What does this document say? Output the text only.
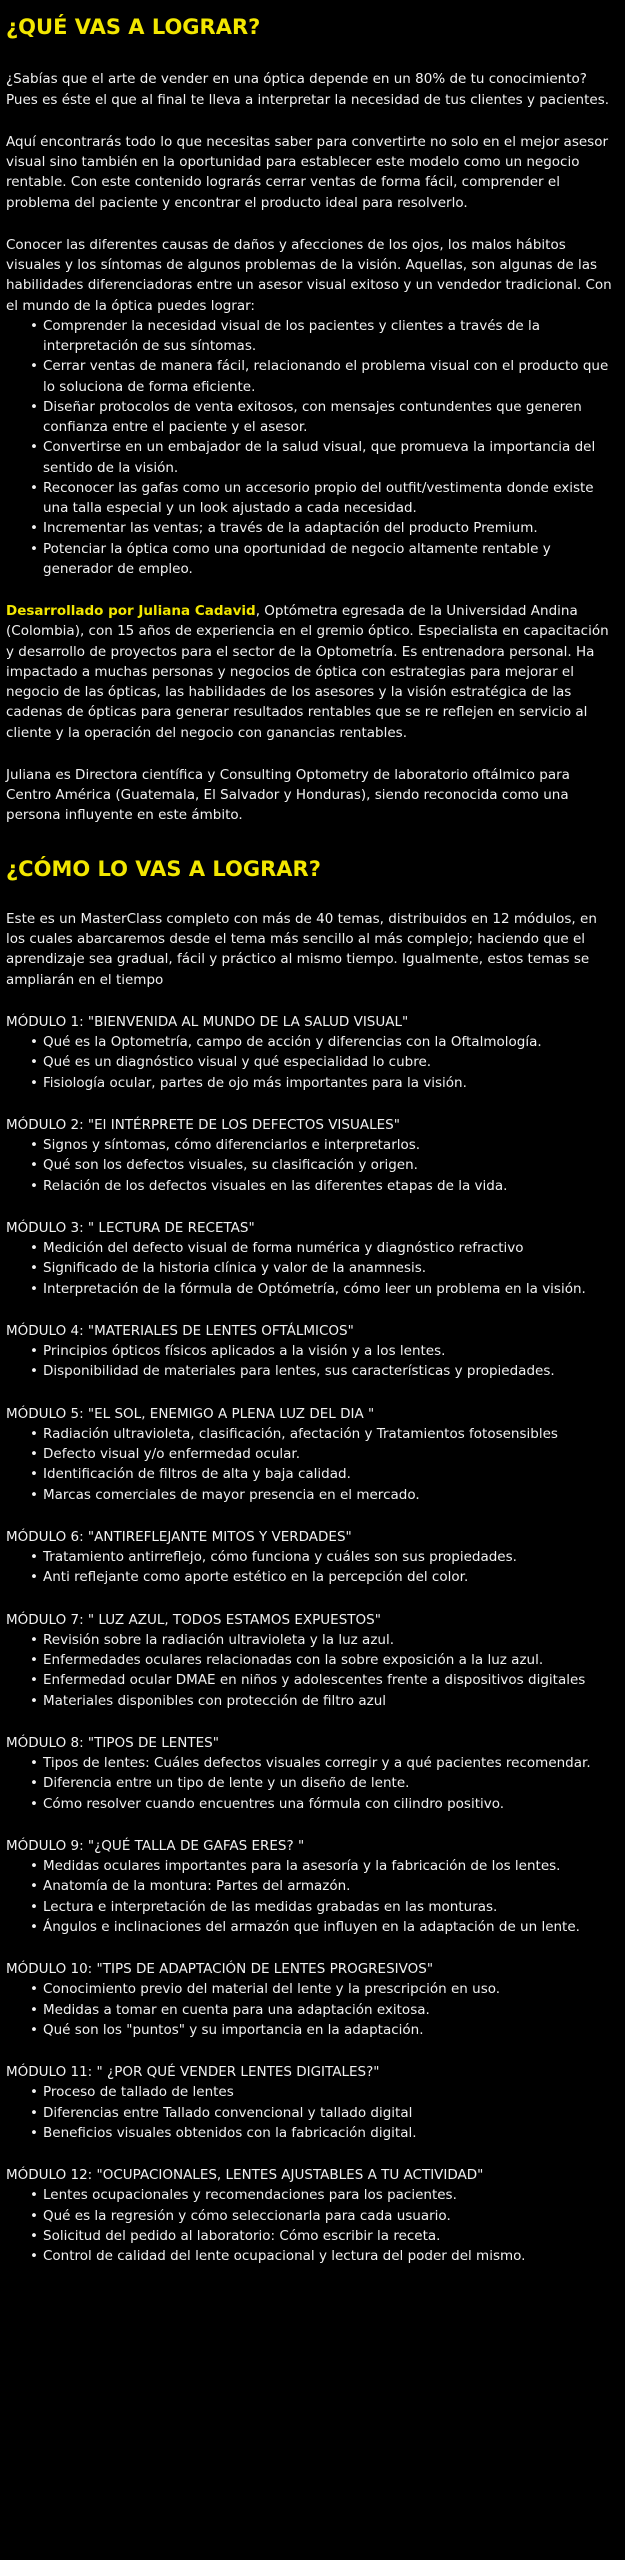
¿QUÉ VAS A LOGRAR?

¿Sabías que el arte de vender en una óptica depende en un 80% de tu conocimiento? Pues es éste el que al final te lleva a interpretar la necesidad de tus clientes y pacientes.

Aquí encontrarás todo lo que necesitas saber para convertirte no solo en el mejor asesor visual sino también en la oportunidad para establecer este modelo como un negocio rentable. Con este contenido lograrás cerrar ventas de forma fácil, comprender el problema del paciente y encontrar el producto ideal para resolverlo.

Conocer las diferentes causas de daños y afecciones de los ojos, los malos hábitos visuales y los síntomas de algunos problemas de la visión. Aquellas, son algunas de las habilidades diferenciadoras entre un asesor visual exitoso y un vendedor tradicional. Con el mundo de la óptica puedes lograr:

• Comprender la necesidad visual de los pacientes y clientes a través de la interpretación de sus síntomas.
• Cerrar ventas de manera fácil, relacionando el problema visual con el producto que lo soluciona de forma eficiente.
• Diseñar protocolos de venta exitosos, con mensajes contundentes que generen confianza entre el paciente y el asesor.
• Convertirse en un embajador de la salud visual, que promueva la importancia del sentido de la visión.
• Reconocer las gafas como un accesorio propio del outfit/vestimenta donde existe una talla especial y un look ajustado a cada necesidad.
• Incrementar las ventas; a través de la adaptación del producto Premium.
• Potenciar la óptica como una oportunidad de negocio altamente rentable y generador de empleo.

Desarrollado por Juliana Cadavid, Optómetra egresada de la Universidad Andina (Colombia), con 15 años de experiencia en el gremio óptico. Especialista en capacitación y desarrollo de proyectos para el sector de la Optometría. Es entrenadora personal. Ha impactado a muchas personas y negocios de óptica con estrategias para mejorar el negocio de las ópticas, las habilidades de los asesores y la visión estratégica de las cadenas de ópticas para generar resultados rentables que se re reflejen en servicio al cliente y la operación del negocio con ganancias rentables.

Juliana es Directora científica y Consulting Optometry de laboratorio oftálmico para Centro América (Guatemala, El Salvador y Honduras), siendo reconocida como una persona influyente en este ámbito.

¿CÓMO LO VAS A LOGRAR?

Este es un MasterClass completo con más de 40 temas, distribuidos en 12 módulos, en los cuales abarcaremos desde el tema más sencillo al más complejo; haciendo que el aprendizaje sea gradual, fácil y práctico al mismo tiempo. Igualmente, estos temas se ampliarán en el tiempo

MÓDULO 1: "BIENVENIDA AL MUNDO DE LA SALUD VISUAL"
• Qué es la Optometría, campo de acción y diferencias con la Oftalmología.
• Qué es un diagnóstico visual y qué especialidad lo cubre.
• Fisiología ocular, partes de ojo más importantes para la visión.
MÓDULO 2: "El INTÉRPRETE DE LOS DEFECTOS VISUALES"
• Signos y síntomas, cómo diferenciarlos e interpretarlos.
• Qué son los defectos visuales, su clasificación y origen.
• Relación de los defectos visuales en las diferentes etapas de la vida.
MÓDULO 3: " LECTURA DE RECETAS"
• Medición del defecto visual de forma numérica y diagnóstico refractivo
• Significado de la historia clínica y valor de la anamnesis.
• Interpretación de la fórmula de Optómetría, cómo leer un problema en la visión.
MÓDULO 4: "MATERIALES DE LENTES OFTÁLMICOS"
• Principios ópticos físicos aplicados a la visión y a los lentes.
• Disponibilidad de materiales para lentes, sus características y propiedades.
MÓDULO 5: "EL SOL, ENEMIGO A PLENA LUZ DEL DIA "
• Radiación ultravioleta, clasificación, afectación y Tratamientos fotosensibles
• Defecto visual y/o enfermedad ocular.
• Identificación de filtros de alta y baja calidad.
• Marcas comerciales de mayor presencia en el mercado.
MÓDULO 6: "ANTIREFLEJANTE MITOS Y VERDADES"
• Tratamiento antirreflejo, cómo funciona y cuáles son sus propiedades.
• Anti reflejante como aporte estético en la percepción del color.
MÓDULO 7: " LUZ AZUL, TODOS ESTAMOS EXPUESTOS"
• Revisión sobre la radiación ultravioleta y la luz azul.
• Enfermedades oculares relacionadas con la sobre exposición a la luz azul.
• Enfermedad ocular DMAE en niños y adolescentes frente a dispositivos digitales
• Materiales disponibles con protección de filtro azul
MÓDULO 8: "TIPOS DE LENTES"
• Tipos de lentes: Cuáles defectos visuales corregir y a qué pacientes recomendar.
• Diferencia entre un tipo de lente y un diseño de lente.
• Cómo resolver cuando encuentres una fórmula con cilindro positivo.
MÓDULO 9: "¿QUÉ TALLA DE GAFAS ERES? "
• Medidas oculares importantes para la asesoría y la fabricación de los lentes.
• Anatomía de la montura: Partes del armazón.
• Lectura e interpretación de las medidas grabadas en las monturas.
• Ángulos e inclinaciones del armazón que influyen en la adaptación de un lente.
MÓDULO 10: "TIPS DE ADAPTACIÓN DE LENTES PROGRESIVOS"
• Conocimiento previo del material del lente y la prescripción en uso.
• Medidas a tomar en cuenta para una adaptación exitosa.
• Qué son los "puntos" y su importancia en la adaptación.
MÓDULO 11: " ¿POR QUÉ VENDER LENTES DIGITALES?"
• Proceso de tallado de lentes
• Diferencias entre Tallado convencional y tallado digital
• Beneficios visuales obtenidos con la fabricación digital.
MÓDULO 12: "OCUPACIONALES, LENTES AJUSTABLES A TU ACTIVIDAD"
• Lentes ocupacionales y recomendaciones para los pacientes.
• Qué es la regresión y cómo seleccionarla para cada usuario.
• Solicitud del pedido al laboratorio: Cómo escribir la receta.
• Control de calidad del lente ocupacional y lectura del poder del mismo.
